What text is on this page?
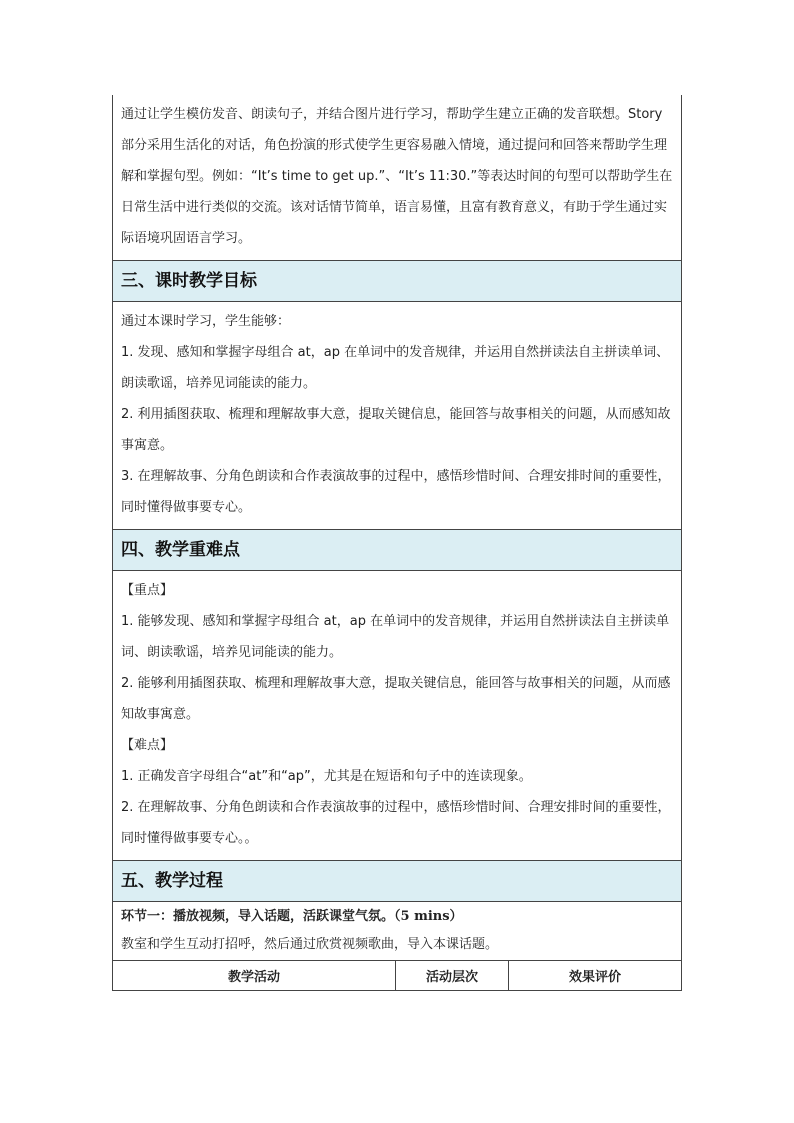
通过让学生模仿发音、朗读句子，并结合图片进行学习，帮助学生建立正确的发音联想。Story部分采用生活化的对话，角色扮演的形式使学生更容易融入情境，通过提问和回答来帮助学生理解和掌握句型。例如：“It’s time to get up.”、“It’s 11:30.”等表达时间的句型可以帮助学生在日常生活中进行类似的交流。该对话情节简单，语言易懂，且富有教育意义，有助于学生通过实际语境巩固语言学习。

三、课时教学目标

通过本课时学习，学生能够：

1. 发现、感知和掌握字母组合 at，ap 在单词中的发音规律，并运用自然拼读法自主拼读单词、朗读歌谣，培养见词能读的能力。

2. 利用插图获取、梳理和理解故事大意，提取关键信息，能回答与故事相关的问题，从而感知故事寓意。

3. 在理解故事、分角色朗读和合作表演故事的过程中，感悟珍惜时间、合理安排时间的重要性，同时懂得做事要专心。

四、教学重难点

【重点】

1. 能够发现、感知和掌握字母组合 at，ap 在单词中的发音规律，并运用自然拼读法自主拼读单词、朗读歌谣，培养见词能读的能力。

2. 能够利用插图获取、梳理和理解故事大意，提取关键信息，能回答与故事相关的问题，从而感知故事寓意。

【难点】

1. 正确发音字母组合“at”和“ap”，尤其是在短语和句子中的连读现象。

2. 在理解故事、分角色朗读和合作表演故事的过程中，感悟珍惜时间、合理安排时间的重要性，同时懂得做事要专心。。

五、教学过程

环节一：播放视频，导入话题，活跃课堂气氛。（5 mins）

教室和学生互动打招呼，然后通过欣赏视频歌曲，导入本课话题。

教学活动	活动层次	效果评价
